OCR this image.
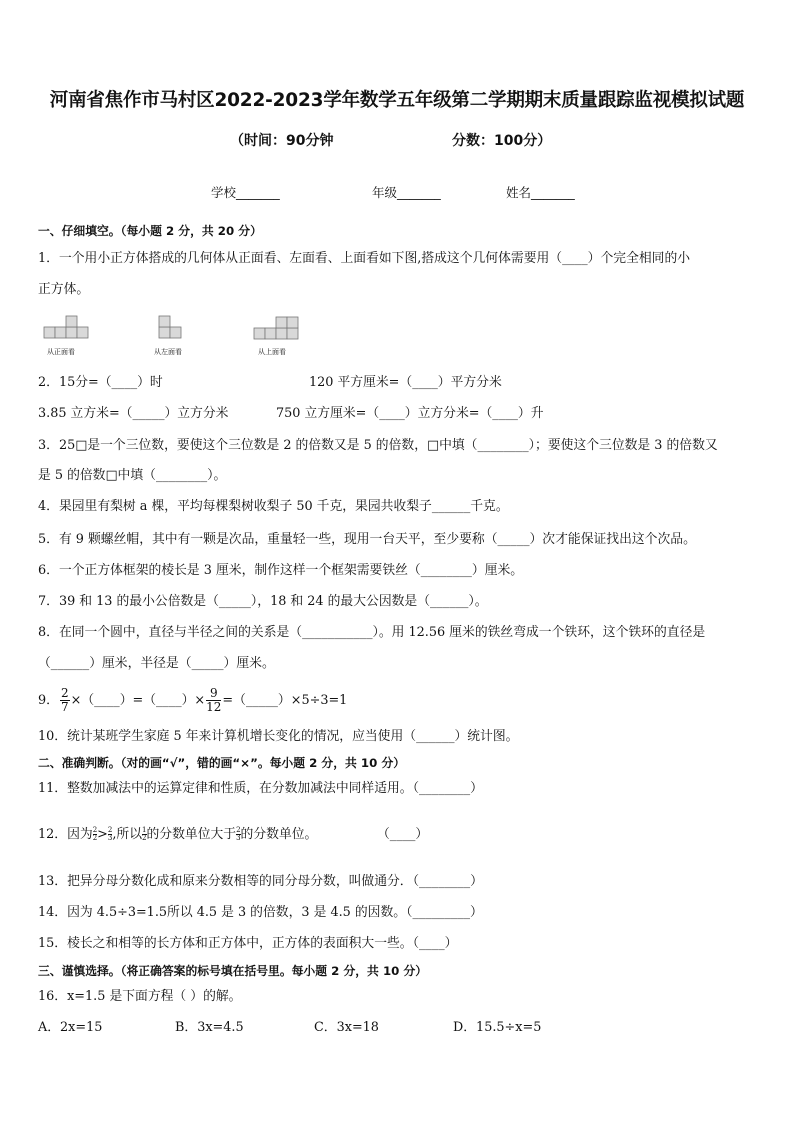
河南省焦作市马村区2022-2023学年数学五年级第二学期期末质量跟踪监视模拟试题
（时间：90分钟	分数：100分）
学校_______	年级_______	姓名_______
一、仔细填空。（每小题 2 分，共 20 分）
1．一个用小正方体搭成的几何体从正面看、左面看、上面看如下图,搭成这个几何体需要用（____）个完全相同的小
正方体。
从正面看	从左面看	从上面看
2．15分=（____）时	120 平方厘米=（____）平方分米
3.85 立方米=（_____）立方分米	750 立方厘米=（____）立方分米=（____）升
3．25□是一个三位数，要使这个三位数是 2 的倍数又是 5 的倍数，□中填（________）；要使这个三位数是 3 的倍数又
是 5 的倍数□中填（________）。
4．果园里有梨树 a 棵，平均每棵梨树收梨子 50 千克，果园共收梨子______千克。
5．有 9 颗螺丝帽，其中有一颗是次品，重量轻一些，现用一台天平，至少要称（_____）次才能保证找出这个次品。
6．一个正方体框架的棱长是 3 厘米，制作这样一个框架需要铁丝（________）厘米。
7．39 和 13 的最小公倍数是（_____），18 和 24 的最大公因数是（______）。
8．在同一个圆中，直径与半径之间的关系是（___________）。用 12.56 厘米的铁丝弯成一个铁环，这个铁环的直径是
（______）厘米，半径是（_____）厘米。
9． $\frac{2}{7}$ ×（____）=（____）× $\frac{9}{12}$ =（_____）×5÷3=1
10．统计某班学生家庭 5 年来计算机增长变化的情况，应当使用（______）统计图。
二、准确判断。（对的画“√”，错的画“×”。每小题 2 分，共 10 分）
11．整数加减法中的运算定律和性质，在分数加减法中同样适用。（________）
12．因为 $\frac{2}{2} > \frac{2}{3}$ ,所以 $\frac{1}{2}$ 的分数单位大于 $\frac{2}{3}$ 的分数单位。	（____）
13．把异分母分数化成和原来分数相等的同分母分数，叫做通分．（________）
14．因为 4.5÷3=1.5所以 4.5 是 3 的倍数，3 是 4.5 的因数。（_________）
15．棱长之和相等的长方体和正方体中，正方体的表面积大一些。（____）
三、谨慎选择。（将正确答案的标号填在括号里。每小题 2 分，共 10 分）
16．x=1.5 是下面方程（ ）的解。
A．2x=15	B．3x=4.5	C．3x=18	D．15.5÷x=5
